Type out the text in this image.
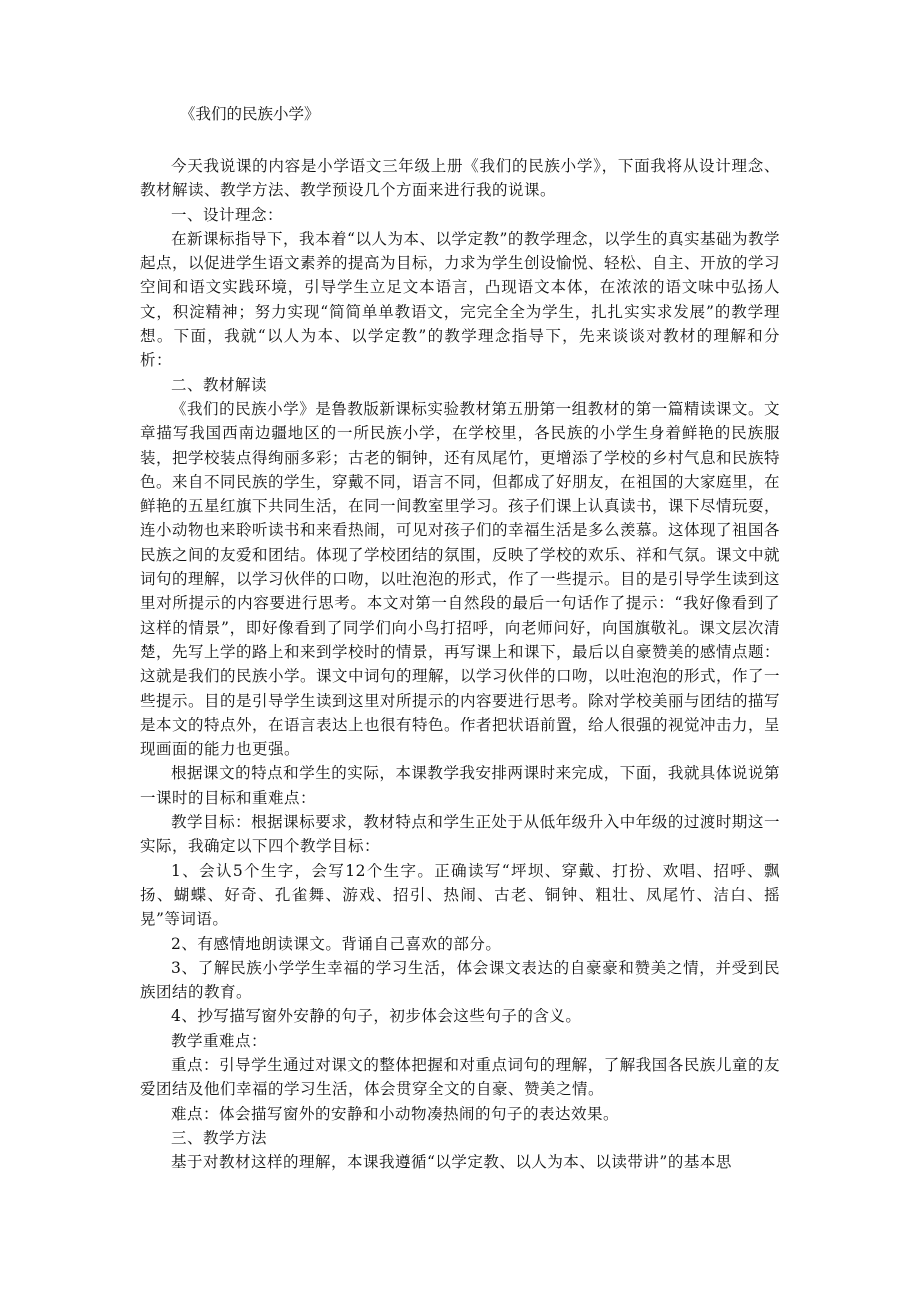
《我们的民族小学》

今天我说课的内容是小学语文三年级上册《我们的民族小学》，下面我将从设计理念、教材解读、教学方法、教学预设几个方面来进行我的说课。

一、设计理念：

在新课标指导下，我本着“以人为本、以学定教”的教学理念，以学生的真实基础为教学起点，以促进学生语文素养的提高为目标，力求为学生创设愉悦、轻松、自主、开放的学习空间和语文实践环境，引导学生立足文本语言，凸现语文本体，在浓浓的语文味中弘扬人文，积淀精神；努力实现“简简单单教语文，完完全全为学生，扎扎实实求发展”的教学理想。下面，我就“以人为本、以学定教”的教学理念指导下，先来谈谈对教材的理解和分析：

二、教材解读

《我们的民族小学》是鲁教版新课标实验教材第五册第一组教材的第一篇精读课文。文章描写我国西南边疆地区的一所民族小学，在学校里，各民族的小学生身着鲜艳的民族服装，把学校装点得绚丽多彩；古老的铜钟，还有凤尾竹，更增添了学校的乡村气息和民族特色。来自不同民族的学生，穿戴不同，语言不同，但都成了好朋友，在祖国的大家庭里，在鲜艳的五星红旗下共同生活，在同一间教室里学习。孩子们课上认真读书，课下尽情玩耍，连小动物也来聆听读书和来看热闹，可见对孩子们的幸福生活是多么羡慕。这体现了祖国各民族之间的友爱和团结。体现了学校团结的氛围，反映了学校的欢乐、祥和气氛。课文中就词句的理解，以学习伙伴的口吻，以吐泡泡的形式，作了一些提示。目的是引导学生读到这里对所提示的内容要进行思考。本文对第一自然段的最后一句话作了提示：“我好像看到了这样的情景”，即好像看到了同学们向小鸟打招呼，向老师问好，向国旗敬礼。课文层次清楚，先写上学的路上和来到学校时的情景，再写课上和课下，最后以自豪赞美的感情点题：这就是我们的民族小学。课文中词句的理解，以学习伙伴的口吻，以吐泡泡的形式，作了一些提示。目的是引导学生读到这里对所提示的内容要进行思考。除对学校美丽与团结的描写是本文的特点外，在语言表达上也很有特色。作者把状语前置，给人很强的视觉冲击力，呈现画面的能力也更强。

根据课文的特点和学生的实际，本课教学我安排两课时来完成，下面，我就具体说说第一课时的目标和重难点：

教学目标：根据课标要求，教材特点和学生正处于从低年级升入中年级的过渡时期这一实际，我确定以下四个教学目标：

1、会认5个生字，会写12个生字。正确读写“坪坝、穿戴、打扮、欢唱、招呼、飘扬、蝴蝶、好奇、孔雀舞、游戏、招引、热闹、古老、铜钟、粗壮、凤尾竹、洁白、摇晃”等词语。

2、有感情地朗读课文。背诵自己喜欢的部分。

3、了解民族小学学生幸福的学习生活，体会课文表达的自豪豪和赞美之情，并受到民族团结的教育。

4、抄写描写窗外安静的句子，初步体会这些句子的含义。

教学重难点：

重点：引导学生通过对课文的整体把握和对重点词句的理解，了解我国各民族儿童的友爱团结及他们幸福的学习生活，体会贯穿全文的自豪、赞美之情。

难点：体会描写窗外的安静和小动物凑热闹的句子的表达效果。

三、教学方法

基于对教材这样的理解，本课我遵循“以学定教、以人为本、以读带讲”的基本思
